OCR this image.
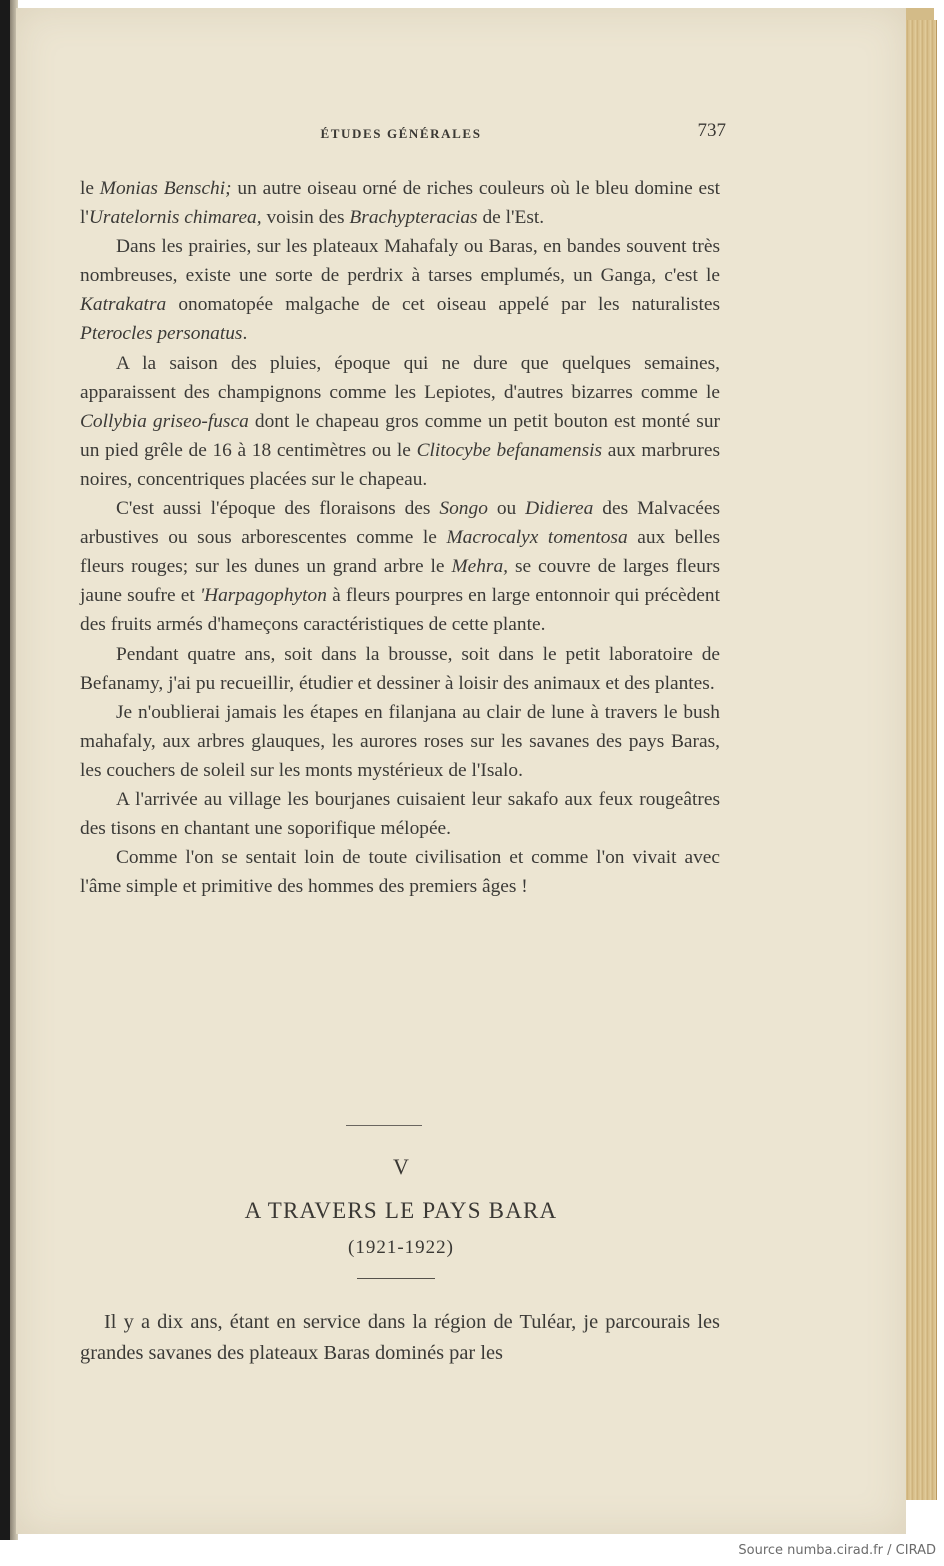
ÉTUDES GÉNÉRALES	737

le Monias Benschi; un autre oiseau orné de riches couleurs où le bleu domine est l'Uratelornis chimarea, voisin des Brachypteracias de l'Est.

Dans les prairies, sur les plateaux Mahafaly ou Baras, en bandes souvent très nombreuses, existe une sorte de perdrix à tarses emplumés, un Ganga, c'est le Katrakatra onomatopée malgache de cet oiseau appelé par les naturalistes Pterocles personatus.

A la saison des pluies, époque qui ne dure que quelques semaines, apparaissent des champignons comme les Lepiotes, d'autres bizarres comme le Collybia griseo-fusca dont le chapeau gros comme un petit bouton est monté sur un pied grêle de 16 à 18 centimètres ou le Clitocybe befanamensis aux marbrures noires, concentriques placées sur le chapeau.

C'est aussi l'époque des floraisons des Songo ou Didierea des Malvacées arbustives ou sous arborescentes comme le Macrocalyx tomentosa aux belles fleurs rouges; sur les dunes un grand arbre le Mehra, se couvre de larges fleurs jaune soufre et 'Harpagophyton à fleurs pourpres en large entonnoir qui précèdent des fruits armés d'hameçons caractéristiques de cette plante.

Pendant quatre ans, soit dans la brousse, soit dans le petit laboratoire de Befanamy, j'ai pu recueillir, étudier et dessiner à loisir des animaux et des plantes.

Je n'oublierai jamais les étapes en filanjana au clair de lune à travers le bush mahafaly, aux arbres glauques, les aurores roses sur les savanes des pays Baras, les couchers de soleil sur les monts mystérieux de l'Isalo.

A l'arrivée au village les bourjanes cuisaient leur sakafo aux feux rougeâtres des tisons en chantant une soporifique mélopée.

Comme l'on se sentait loin de toute civilisation et comme l'on vivait avec l'âme simple et primitive des hommes des premiers âges !

V
A TRAVERS LE PAYS BARA
(1921-1922)

Il y a dix ans, étant en service dans la région de Tuléar, je parcourais les grandes savanes des plateaux Baras dominés par les

Source numba.cirad.fr / CIRAD
